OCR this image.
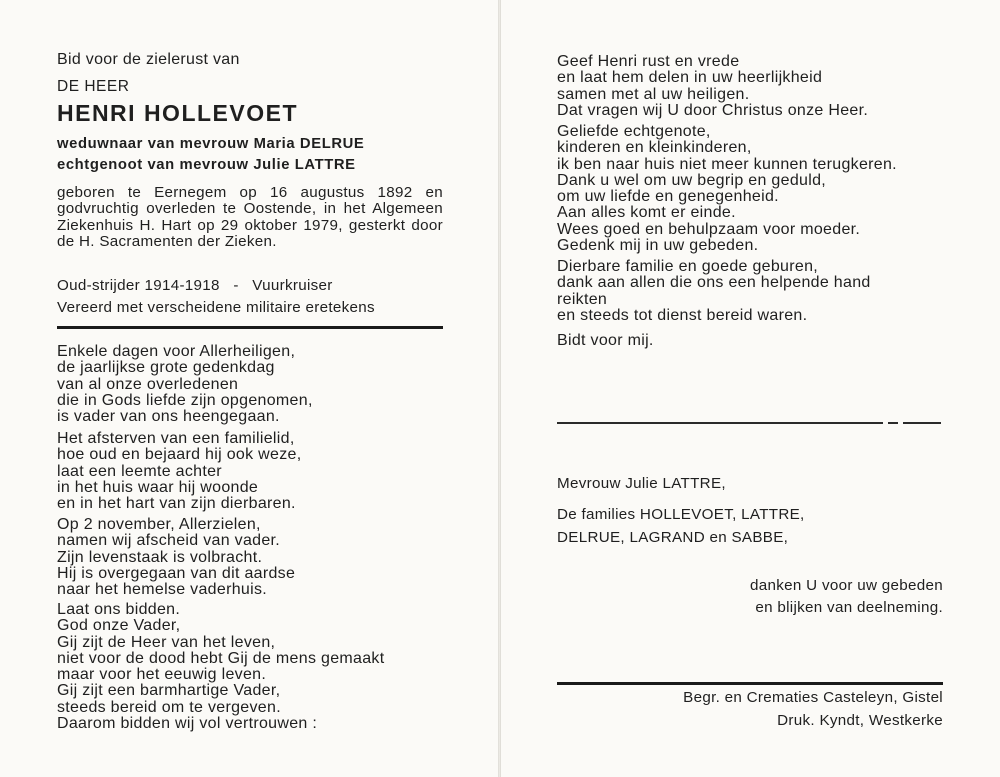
Bid voor de zielerust van
DE HEER
HENRI HOLLEVOET
weduwnaar van mevrouw Maria DELRUE
echtgenoot van mevrouw Julie LATTRE
geboren te Eernegem op 16 augustus 1892 en godvruchtig overleden te Oostende, in het Algemeen Ziekenhuis H. Hart op 29 oktober 1979, gesterkt door de H. Sacramenten der Zieken.
Oud-strijder 1914-1918   -   Vuurkruiser
Vereerd met verscheidene militaire eretekens
Enkele dagen voor Allerheiligen,
de jaarlijkse grote gedenkdag
van al onze overledenen
die in Gods liefde zijn opgenomen,
is vader van ons heengegaan.
Het afsterven van een familielid,
hoe oud en bejaard hij ook weze,
laat een leemte achter
in het huis waar hij woonde
en in het hart van zijn dierbaren.
Op 2 november, Allerzielen,
namen wij afscheid van vader.
Zijn levenstaak is volbracht.
Hij is overgegaan van dit aardse
naar het hemelse vaderhuis.
Laat ons bidden.
God onze Vader,
Gij zijt de Heer van het leven,
niet voor de dood hebt Gij de mens gemaakt
maar voor het eeuwig leven.
Gij zijt een barmhartige Vader,
steeds bereid om te vergeven.
Daarom bidden wij vol vertrouwen :
Geef Henri rust en vrede
en laat hem delen in uw heerlijkheid
samen met al uw heiligen.
Dat vragen wij U door Christus onze Heer.
Geliefde echtgenote,
kinderen en kleinkinderen,
ik ben naar huis niet meer kunnen terugkeren.
Dank u wel om uw begrip en geduld,
om uw liefde en genegenheid.
Aan alles komt er einde.
Wees goed en behulpzaam voor moeder.
Gedenk mij in uw gebeden.
Dierbare familie en goede geburen,
dank aan allen die ons een helpende hand
reikten
en steeds tot dienst bereid waren.
Bidt voor mij.
Mevrouw Julie LATTRE,
De families HOLLEVOET, LATTRE,
DELRUE, LAGRAND en SABBE,
danken U voor uw gebeden
en blijken van deelneming.
Begr. en Crematies Casteleyn, Gistel
Druk. Kyndt, Westkerke
